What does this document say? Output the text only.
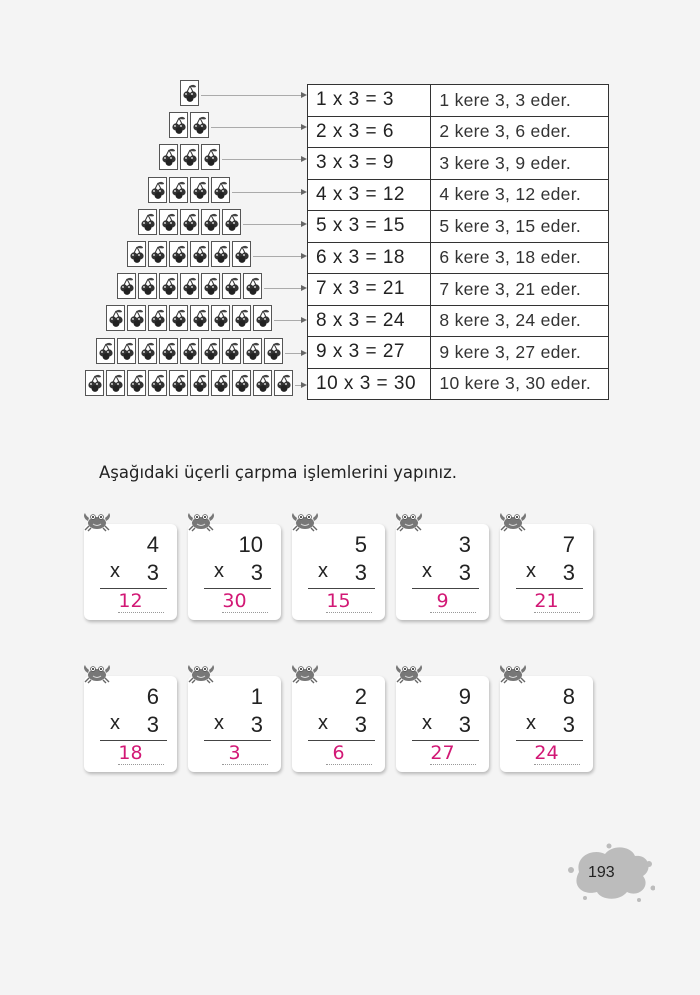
1 x 3 = 3	1 kere 3, 3 eder.
2 x 3 = 6	2 kere 3, 6 eder.
3 x 3 = 9	3 kere 3, 9 eder.
4 x 3 = 12	4 kere 3, 12 eder.
5 x 3 = 15	5 kere 3, 15 eder.
6 x 3 = 18	6 kere 3, 18 eder.
7 x 3 = 21	7 kere 3, 21 eder.
8 x 3 = 24	8 kere 3, 24 eder.
9 x 3 = 27	9 kere 3, 27 eder.
10 x 3 = 30	10 kere 3, 30 eder.
Aşağıdaki üçerli çarpma işlemlerini yapınız.
4
x 3
12
10
x 3
30
5
x 3
15
3
x 3
9
7
x 3
21
6
x 3
18
1
x 3
3
2
x 3
6
9
x 3
27
8
x 3
24
193
